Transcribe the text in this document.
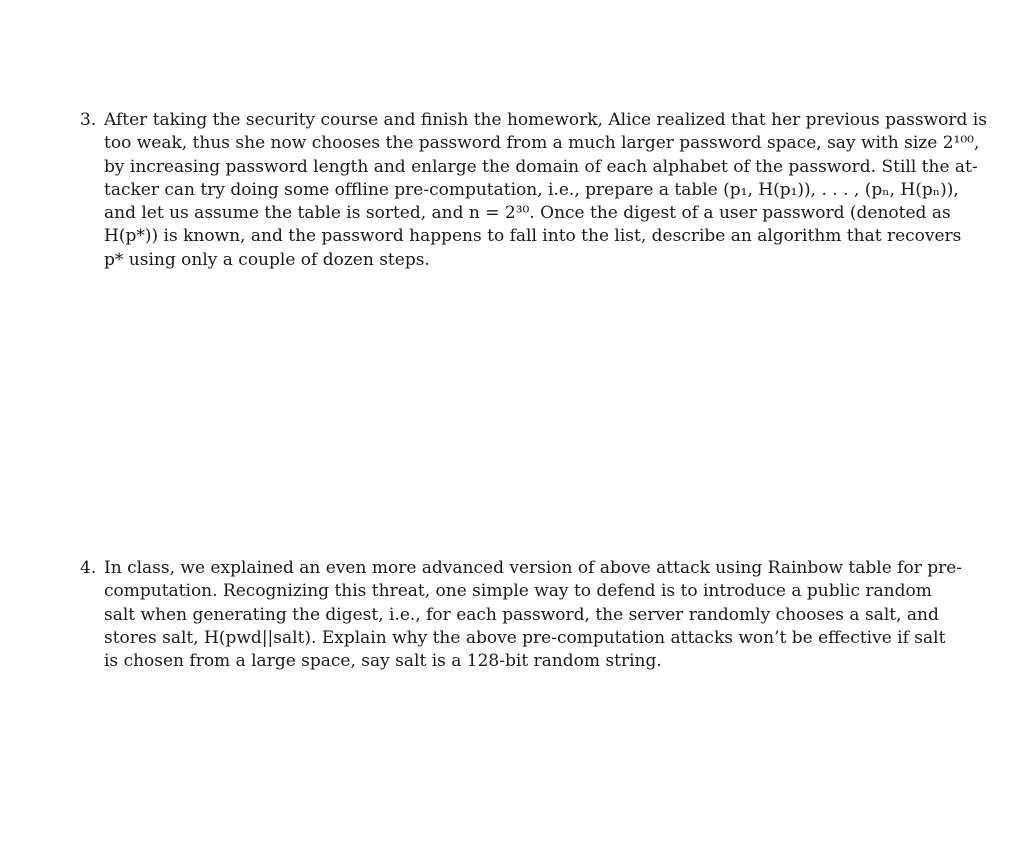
3. After taking the security course and finish the homework, Alice realized that her previous password is
too weak, thus she now chooses the password from a much larger password space, say with size 2¹⁰⁰,
by increasing password length and enlarge the domain of each alphabet of the password. Still the at-
tacker can try doing some offline pre-computation, i.e., prepare a table (p₁, H(p₁)), . . . , (pₙ, H(pₙ)),
and let us assume the table is sorted, and n = 2³⁰. Once the digest of a user password (denoted as
H(p*)) is known, and the password happens to fall into the list, describe an algorithm that recovers
p* using only a couple of dozen steps.
4. In class, we explained an even more advanced version of above attack using Rainbow table for pre-
computation. Recognizing this threat, one simple way to defend is to introduce a public random
salt when generating the digest, i.e., for each password, the server randomly chooses a salt, and
stores salt, H(pwd||salt). Explain why the above pre-computation attacks won’t be effective if salt
is chosen from a large space, say salt is a 128-bit random string.
